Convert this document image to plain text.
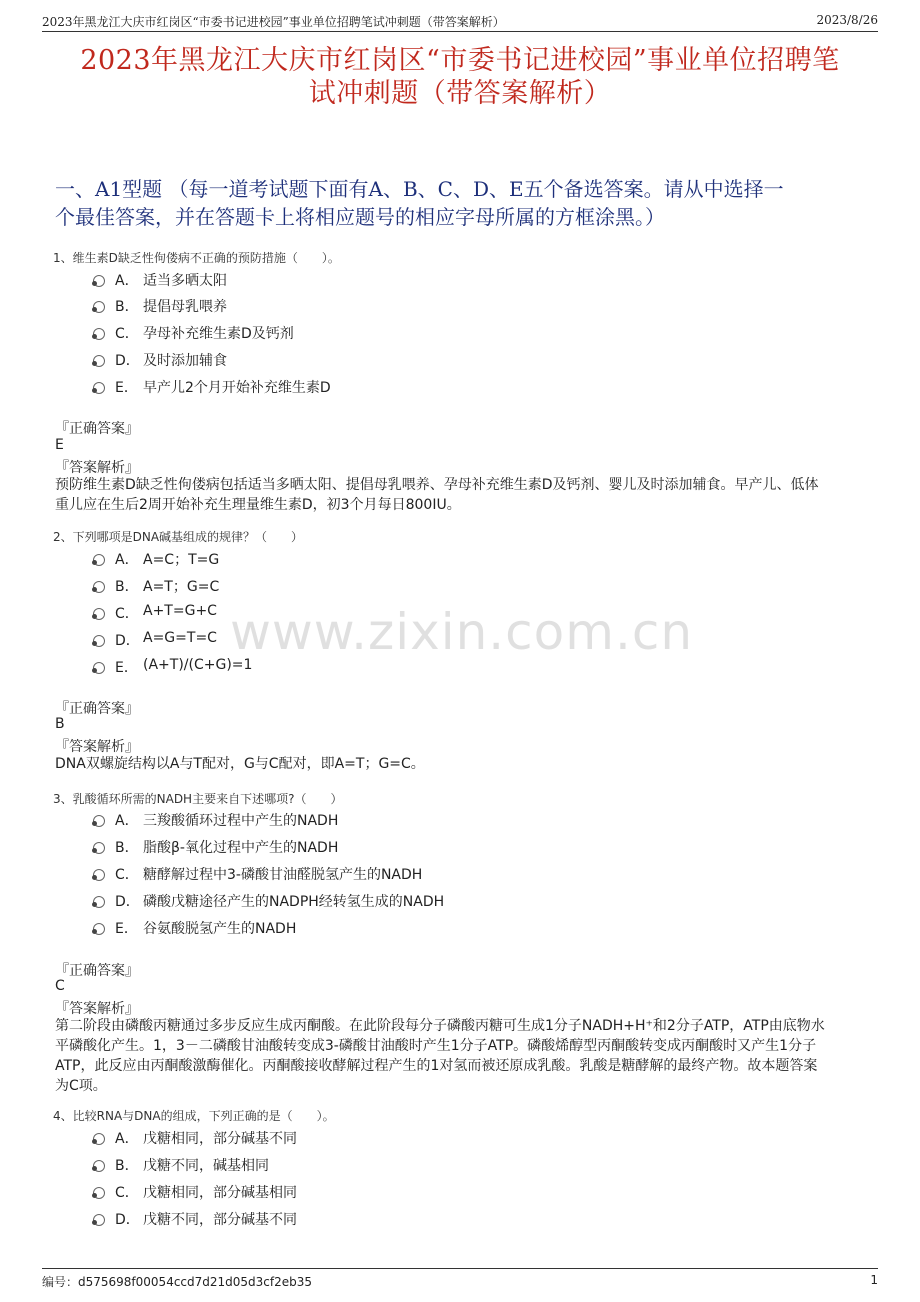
2023年黑龙江大庆市红岗区“市委书记进校园”事业单位招聘笔试冲刺题（带答案解析）	2023/8/26
2023年黑龙江大庆市红岗区“市委书记进校园”事业单位招聘笔
试冲刺题（带答案解析）
一、A1型题 （每一道考试题下面有A、B、C、D、E五个备选答案。请从中选择一
个最佳答案，并在答题卡上将相应题号的相应字母所属的方框涂黑。）
www.zixin.com.cn
1、维生素D缺乏性佝偻病不正确的预防措施（　　）。
A． 适当多晒太阳
B． 提倡母乳喂养
C． 孕母补充维生素D及钙剂
D． 及时添加辅食
E． 早产儿2个月开始补充维生素D
『正确答案』
E
『答案解析』
预防维生素D缺乏性佝偻病包括适当多晒太阳、提倡母乳喂养、孕母补充维生素D及钙剂、婴儿及时添加辅食。早产儿、低体
重儿应在生后2周开始补充生理量维生素D，初3个月每日800IU。
2、下列哪项是DNA碱基组成的规律？（　　）
A． A=C；T=G
B． A=T；G=C
C． A+T=G+C
D． A=G=T=C
E． (A+T)/(C+G)=1
『正确答案』
B
『答案解析』
DNA双螺旋结构以A与T配对，G与C配对，即A=T；G=C。
3、乳酸循环所需的NADH主要来自下述哪项?（　　）
A． 三羧酸循环过程中产生的NADH
B． 脂酸β-氧化过程中产生的NADH
C． 糖酵解过程中3-磷酸甘油醛脱氢产生的NADH
D． 磷酸戊糖途径产生的NADPH经转氢生成的NADH
E． 谷氨酸脱氢产生的NADH
『正确答案』
C
『答案解析』
第二阶段由磷酸丙糖通过多步反应生成丙酮酸。在此阶段每分子磷酸丙糖可生成1分子NADH+H⁺和2分子ATP，ATP由底物水
平磷酸化产生。1，3－二磷酸甘油酸转变成3-磷酸甘油酸时产生1分子ATP。磷酸烯醇型丙酮酸转变成丙酮酸时又产生1分子
ATP，此反应由丙酮酸激酶催化。丙酮酸接收酵解过程产生的1对氢而被还原成乳酸。乳酸是糖酵解的最终产物。故本题答案
为C项。
4、比较RNA与DNA的组成，下列正确的是（　　）。
A． 戊糖相同，部分碱基不同
B． 戊糖不同，碱基相同
C． 戊糖相同，部分碱基相同
D． 戊糖不同，部分碱基不同
编号：d575698f00054ccd7d21d05d3cf2eb35	1
